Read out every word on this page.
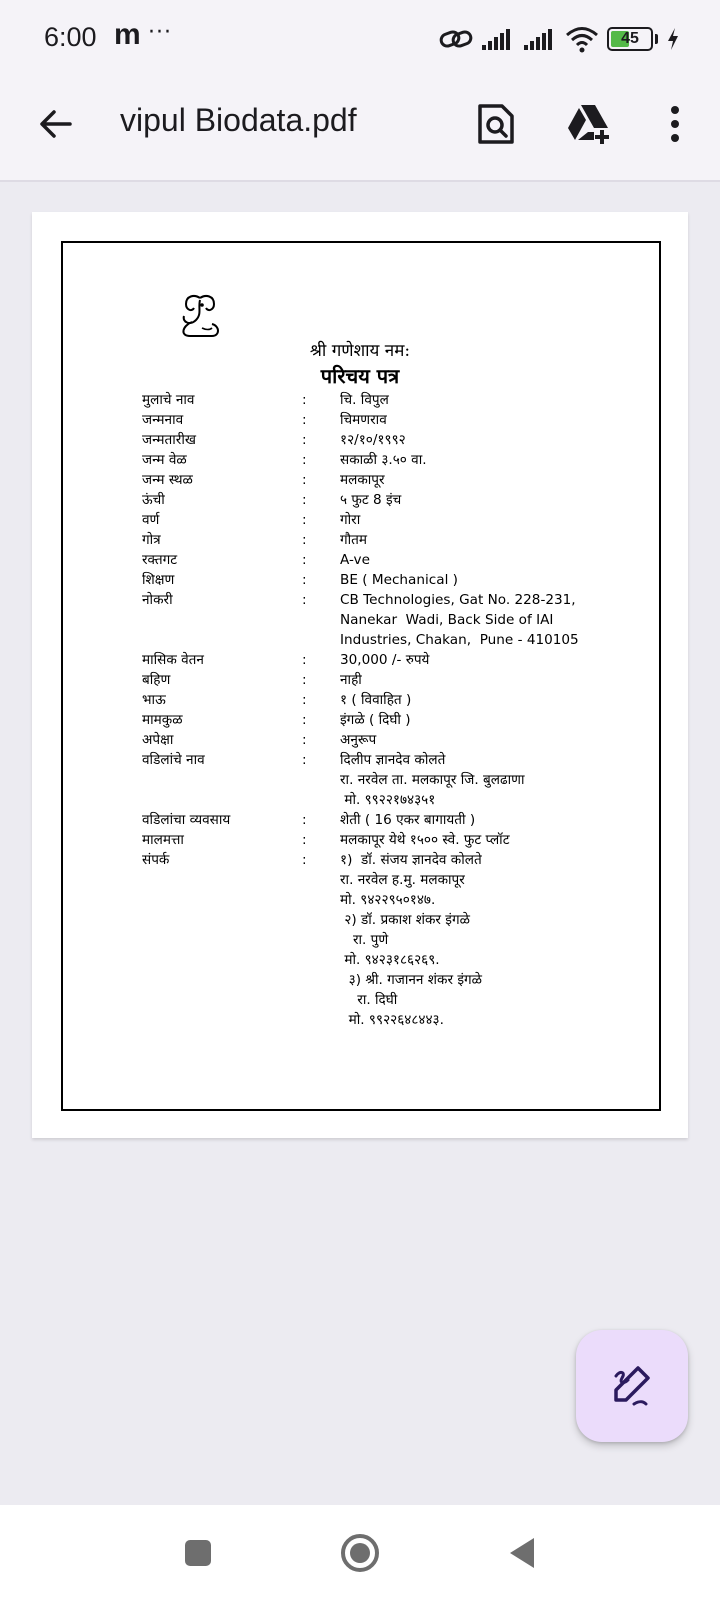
6:00 m ···	45
vipul Biodata.pdf
श्री गणेशाय नम:
परिचय पत्र
मुलाचे नाव	:	चि. विपुल
जन्मनाव	:	चिमणराव
जन्मतारीख	:	१२/१०/१९९२
जन्म वेळ	:	सकाळी ३.५० वा.
जन्म स्थळ	:	मलकापूर
ऊंची	:	५ फुट 8 इंच
वर्ण	:	गोरा
गोत्र	:	गौतम
रक्तगट	:	A-ve
शिक्षण	:	BE ( Mechanical )
नोकरी	:	CB Technologies, Gat No. 228-231,
Nanekar  Wadi, Back Side of IAI
Industries, Chakan,  Pune - 410105
मासिक वेतन	:	30,000 /- रुपये
बहिण	:	नाही
भाऊ	:	१ ( विवाहित )
मामकुळ	:	इंगळे ( दिघी )
अपेक्षा	:	अनुरूप
वडिलांचे नाव	:	दिलीप ज्ञानदेव कोलते
रा. नरवेल ता. मलकापूर जि. बुलढाणा
मो. ९९२२१७४३५१
वडिलांचा व्यवसाय	:	शेती ( 16 एकर बागायती )
मालमत्ता	:	मलकापूर येथे १५०० स्वे. फुट प्लॉट
संपर्क	:	१)  डॉ. संजय ज्ञानदेव कोलते
रा. नरवेल ह.मु. मलकापूर
मो. ९४२२९५०१४७.
२) डॉ. प्रकाश शंकर इंगळे
रा. पुणे
मो. ९४२३१८६२६९.
३) श्री. गजानन शंकर इंगळे
रा. दिघी
मो. ९९२२६४८४४३.
